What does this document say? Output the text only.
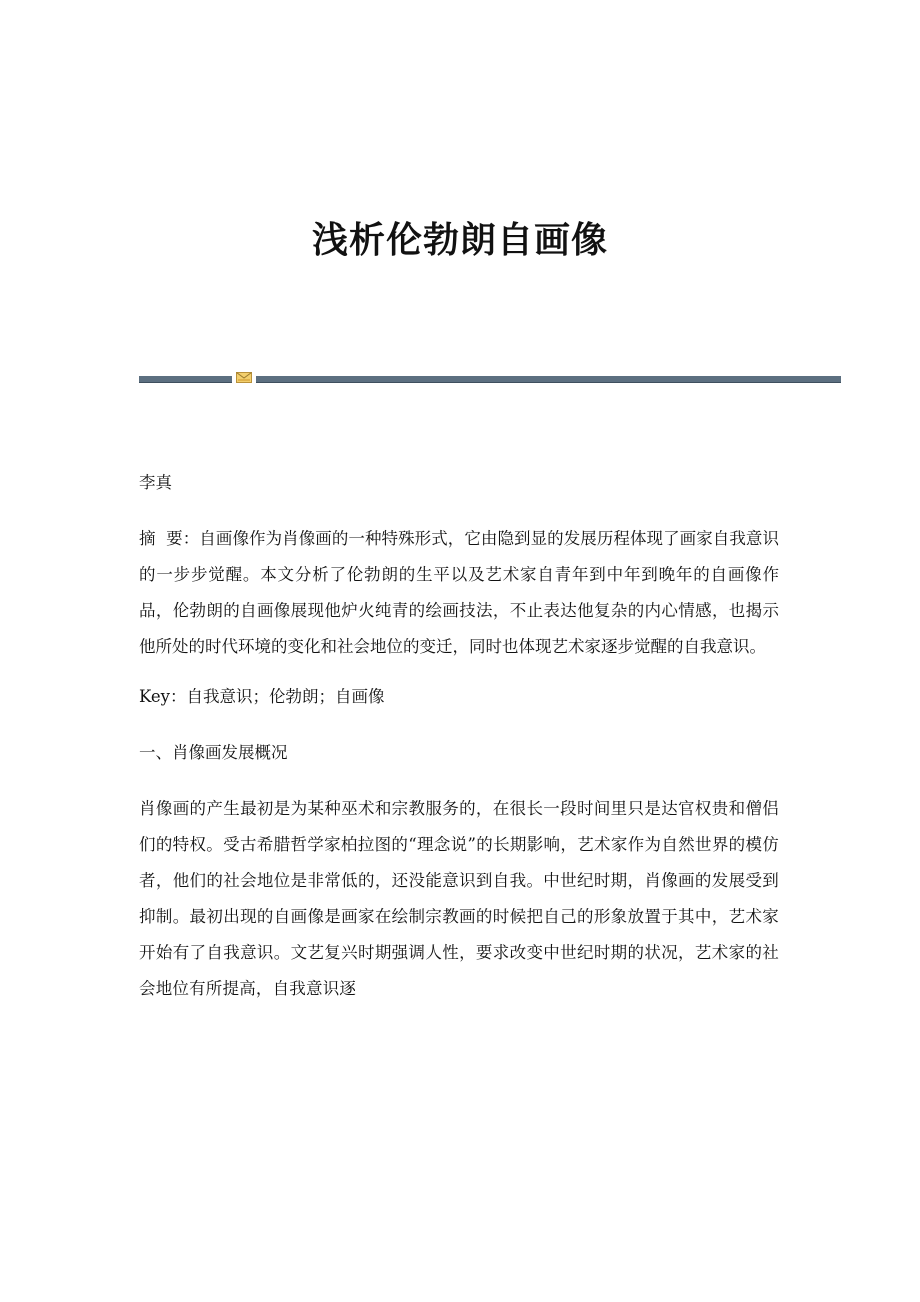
浅析伦勃朗自画像

李真

摘  要：自画像作为肖像画的一种特殊形式，它由隐到显的发展历程体现了画家自我意识的一步步觉醒。本文分析了伦勃朗的生平以及艺术家自青年到中年到晚年的自画像作品，伦勃朗的自画像展现他炉火纯青的绘画技法，不止表达他复杂的内心情感，也揭示他所处的时代环境的变化和社会地位的变迁，同时也体现艺术家逐步觉醒的自我意识。

Key：自我意识；伦勃朗；自画像

一、肖像画发展概况

肖像画的产生最初是为某种巫术和宗教服务的，在很长一段时间里只是达官权贵和僧侣们的特权。受古希腊哲学家柏拉图的“理念说”的长期影响，艺术家作为自然世界的模仿者，他们的社会地位是非常低的，还没能意识到自我。中世纪时期，肖像画的发展受到抑制。最初出现的自画像是画家在绘制宗教画的时候把自己的形象放置于其中，艺术家开始有了自我意识。文艺复兴时期强调人性，要求改变中世纪时期的状况，艺术家的社会地位有所提高，自我意识逐
